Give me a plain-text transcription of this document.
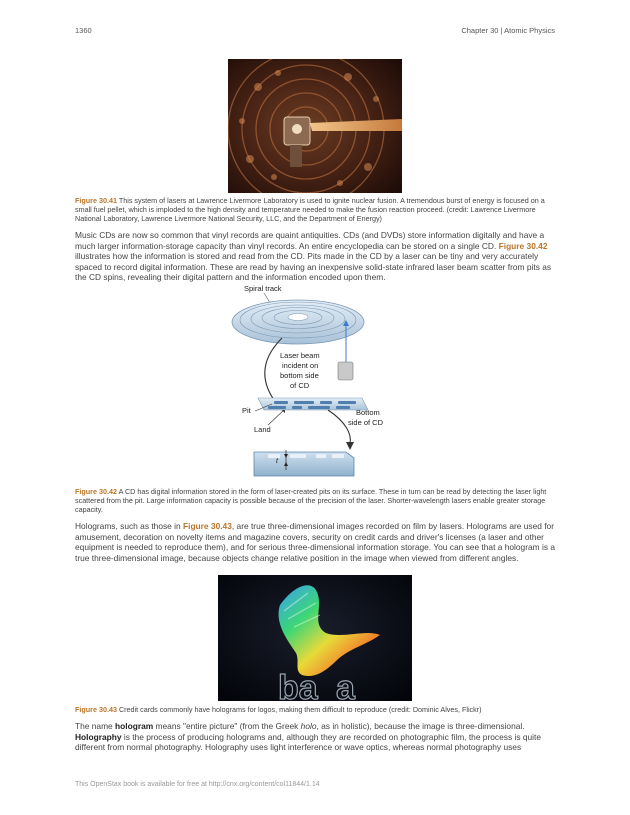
1360	Chapter 30 | Atomic Physics
Figure 30.41 This system of lasers at Lawrence Livermore Laboratory is used to ignite nuclear fusion. A tremendous burst of energy is focused on a small fuel pellet, which is imploded to the high density and temperature needed to make the fusion reaction proceed. (credit: Lawrence Livermore National Laboratory, Lawrence Livermore National Security, LLC, and the Department of Energy)
Music CDs are now so common that vinyl records are quaint antiquities. CDs (and DVDs) store information digitally and have a much larger information-storage capacity than vinyl records. An entire encyclopedia can be stored on a single CD. Figure 30.42 illustrates how the information is stored and read from the CD. Pits made in the CD by a laser can be tiny and very accurately spaced to record digital information. These are read by having an inexpensive solid-state infrared laser beam scatter from pits as the CD spins, revealing their digital pattern and the information encoded upon them.
Spiral track
Laser beam
incident on
bottom side
of CD
Pit
Land
Bottom
side of CD
t
Figure 30.42 A CD has digital information stored in the form of laser-created pits on its surface. These in turn can be read by detecting the laser light scattered from the pit. Large information capacity is possible because of the precision of the laser. Shorter-wavelength lasers enable greater storage capacity.
Holograms, such as those in Figure 30.43, are true three-dimensional images recorded on film by lasers. Holograms are used for amusement, decoration on novelty items and magazine covers, security on credit cards and driver's licenses (a laser and other equipment is needed to reproduce them), and for serious three-dimensional information storage. You can see that a hologram is a true three-dimensional image, because objects change relative position in the image when viewed from different angles.
ba a
Figure 30.43 Credit cards commonly have holograms for logos, making them difficult to reproduce (credit: Dominic Alves, Flickr)
The name hologram means "entire picture" (from the Greek holo, as in holistic), because the image is three-dimensional. Holography is the process of producing holograms and, although they are recorded on photographic film, the process is quite different from normal photography. Holography uses light interference or wave optics, whereas normal photography uses
This OpenStax book is available for free at http://cnx.org/content/col11844/1.14
